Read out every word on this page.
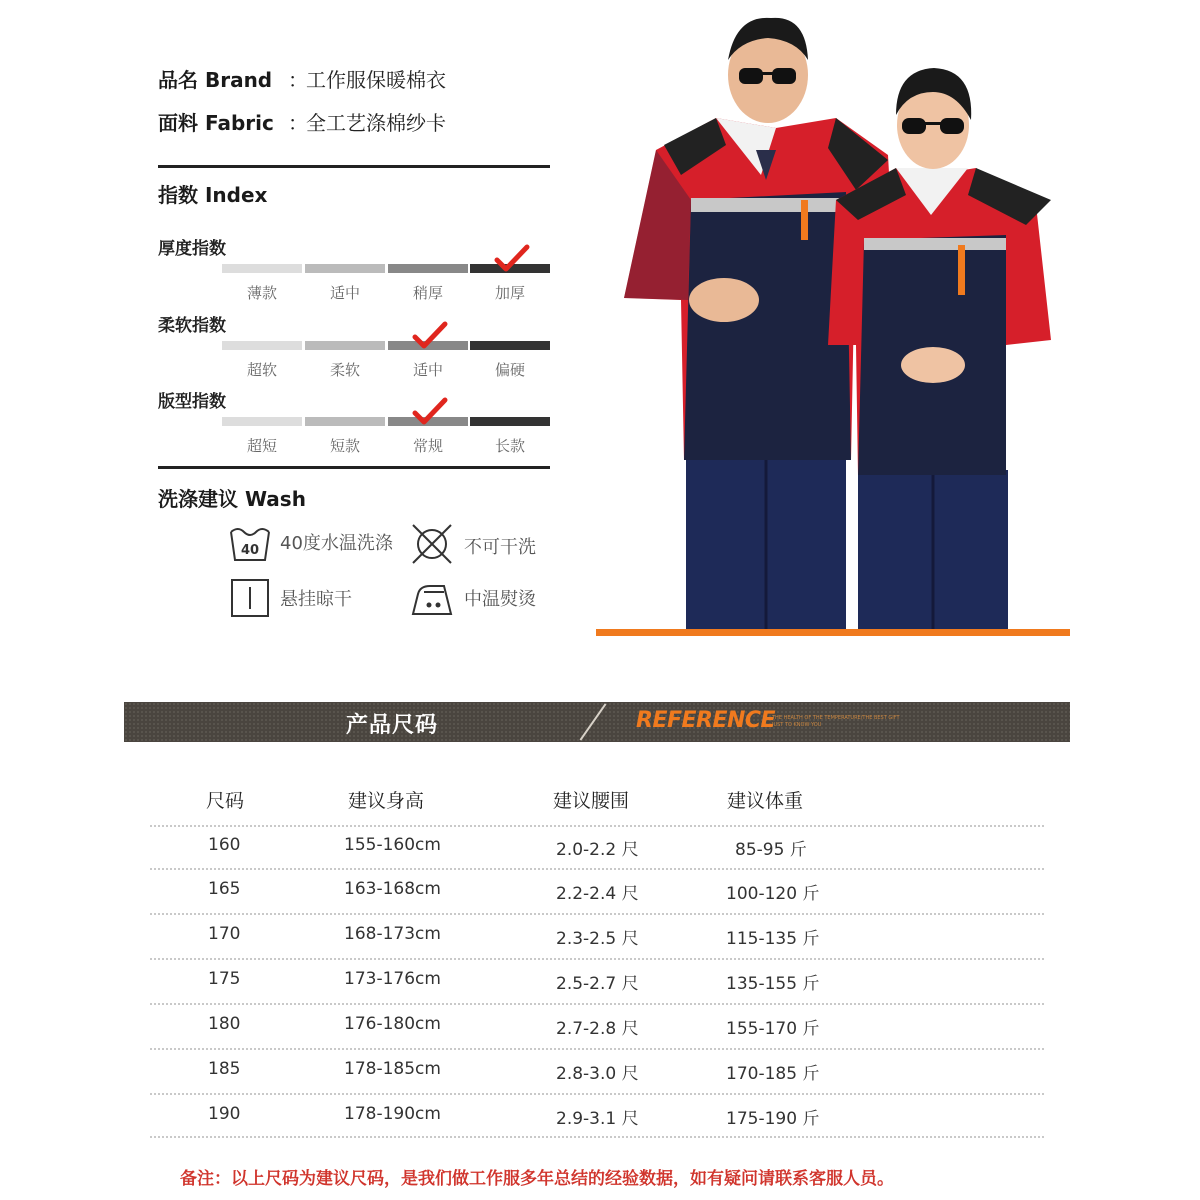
品名 Brand ：
工作服保暖棉衣
面料 Fabric ：
全工艺涤棉纱卡
指数 Index
厚度指数
薄款	适中	稍厚	加厚
柔软指数
超软	柔软	适中	偏硬
版型指数
超短	短款	常规	长款
洗涤建议 Wash
40 40度水温洗涤	不可干洗
悬挂晾干	中温熨烫
产品尺码	REFERENCE
THE HEALTH OF THE TEMPERATURE/THE BEST GIFT
JUST TO KNOW YOU
尺码	建议身高	建议腰围	建议体重
160	155-160cm	2.0-2.2 尺	85-95 斤
165	163-168cm	2.2-2.4 尺	100-120 斤
170	168-173cm	2.3-2.5 尺	115-135 斤
175	173-176cm	2.5-2.7 尺	135-155 斤
180	176-180cm	2.7-2.8 尺	155-170 斤
185	178-185cm	2.8-3.0 尺	170-185 斤
190	178-190cm	2.9-3.1 尺	175-190 斤
备注：以上尺码为建议尺码，是我们做工作服多年总结的经验数据，如有疑问请联系客服人员。
